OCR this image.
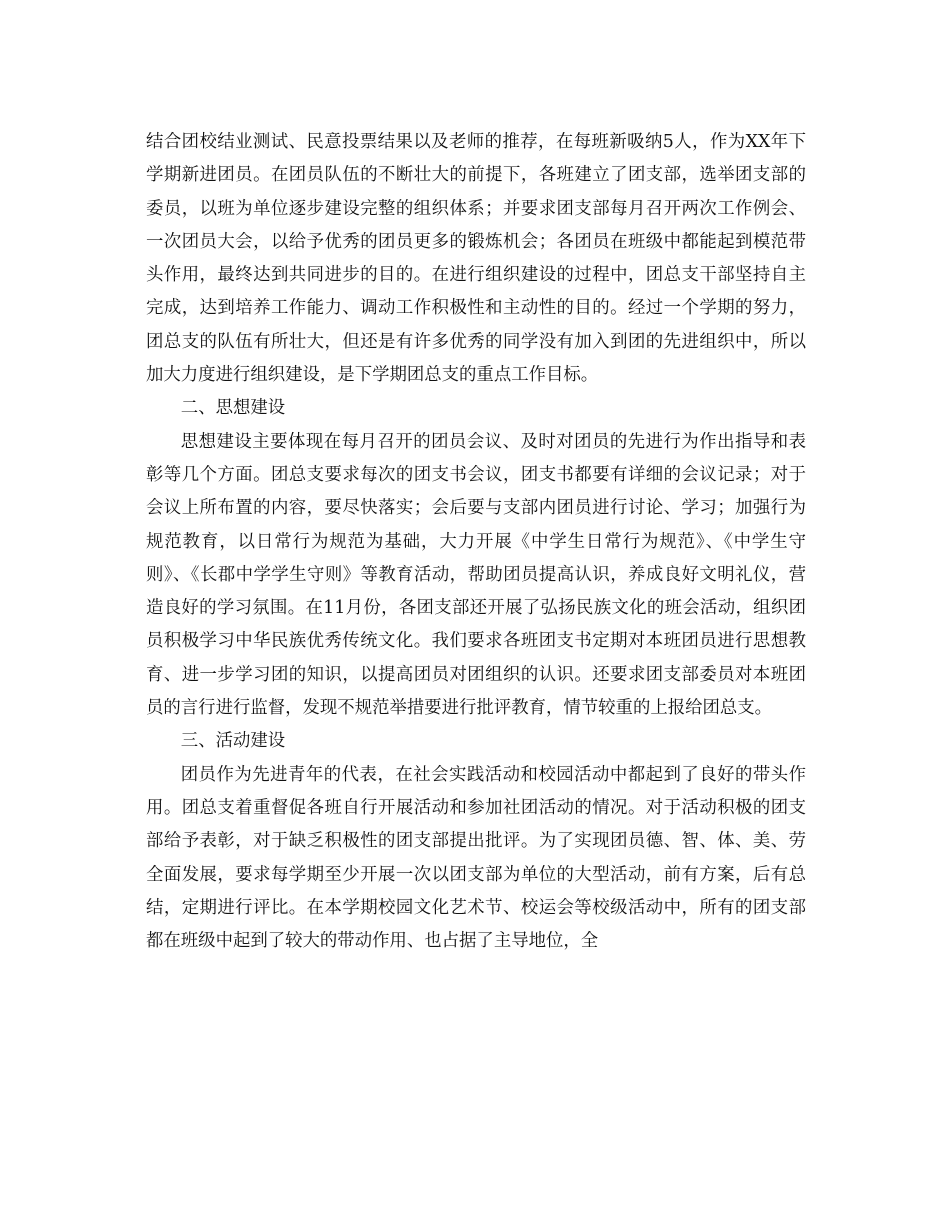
结合团校结业测试、民意投票结果以及老师的推荐，在每班新吸纳5人，作为XX年下学期新进团员。在团员队伍的不断壮大的前提下，各班建立了团支部，选举团支部的委员，以班为单位逐步建设完整的组织体系；并要求团支部每月召开两次工作例会、一次团员大会，以给予优秀的团员更多的锻炼机会；各团员在班级中都能起到模范带头作用，最终达到共同进步的目的。在进行组织建设的过程中，团总支干部坚持自主完成，达到培养工作能力、调动工作积极性和主动性的目的。经过一个学期的努力，团总支的队伍有所壮大，但还是有许多优秀的同学没有加入到团的先进组织中，所以加大力度进行组织建设，是下学期团总支的重点工作目标。

二、思想建设

思想建设主要体现在每月召开的团员会议、及时对团员的先进行为作出指导和表彰等几个方面。团总支要求每次的团支书会议，团支书都要有详细的会议记录；对于会议上所布置的内容，要尽快落实；会后要与支部内团员进行讨论、学习；加强行为规范教育，以日常行为规范为基础，大力开展《中学生日常行为规范》、《中学生守则》、《长郡中学学生守则》等教育活动，帮助团员提高认识，养成良好文明礼仪，营造良好的学习氛围。在11月份，各团支部还开展了弘扬民族文化的班会活动，组织团员积极学习中华民族优秀传统文化。我们要求各班团支书定期对本班团员进行思想教育、进一步学习团的知识，以提高团员对团组织的认识。还要求团支部委员对本班团员的言行进行监督，发现不规范举措要进行批评教育，情节较重的上报给团总支。

三、活动建设

团员作为先进青年的代表，在社会实践活动和校园活动中都起到了良好的带头作用。团总支着重督促各班自行开展活动和参加社团活动的情况。对于活动积极的团支部给予表彰，对于缺乏积极性的团支部提出批评。为了实现团员德、智、体、美、劳全面发展，要求每学期至少开展一次以团支部为单位的大型活动，前有方案，后有总结，定期进行评比。在本学期校园文化艺术节、校运会等校级活动中，所有的团支部都在班级中起到了较大的带动作用、也占据了主导地位，全
